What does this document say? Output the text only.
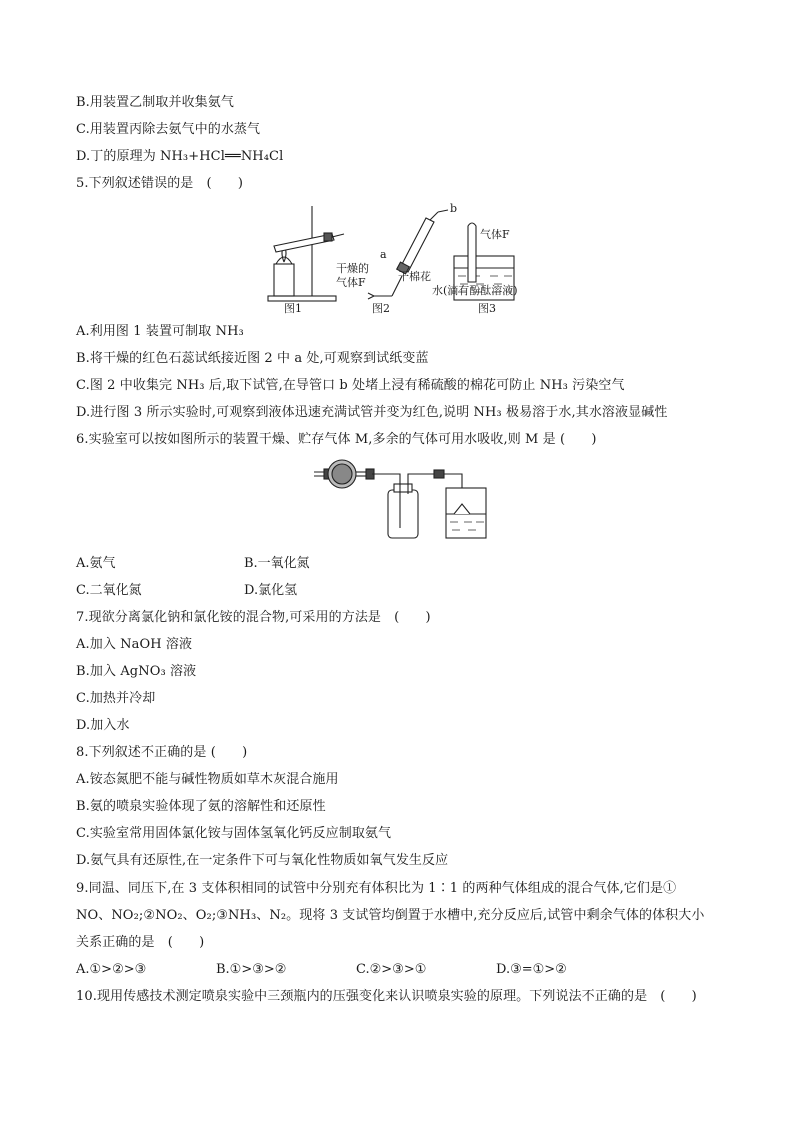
B.用装置乙制取并收集氨气
C.用装置丙除去氨气中的水蒸气
D.丁的原理为 NH₃+HCl══NH₄Cl
5.下列叙述错误的是　(　　)
干燥的
气体F
a
b
干棉花
气体F
水(滴有酚酞溶液)
图1	图2	图3
A.利用图 1 装置可制取 NH₃
B.将干燥的红色石蕊试纸接近图 2 中 a 处,可观察到试纸变蓝
C.图 2 中收集完 NH₃ 后,取下试管,在导管口 b 处堵上浸有稀硫酸的棉花可防止 NH₃ 污染空气
D.进行图 3 所示实验时,可观察到液体迅速充满试管并变为红色,说明 NH₃ 极易溶于水,其水溶液显碱性
6.实验室可以按如图所示的装置干燥、贮存气体 M,多余的气体可用水吸收,则 M 是 (　　)
A.氨气	B.一氧化氮
C.二氧化氮	D.氯化氢
7.现欲分离氯化钠和氯化铵的混合物,可采用的方法是　(　　)
A.加入 NaOH 溶液
B.加入 AgNO₃ 溶液
C.加热并冷却
D.加入水
8.下列叙述不正确的是 (　　)
A.铵态氮肥不能与碱性物质如草木灰混合施用
B.氨的喷泉实验体现了氨的溶解性和还原性
C.实验室常用固体氯化铵与固体氢氧化钙反应制取氨气
D.氨气具有还原性,在一定条件下可与氧化性物质如氧气发生反应
9.同温、同压下,在 3 支体积相同的试管中分别充有体积比为 1∶1 的两种气体组成的混合气体,它们是①
NO、NO₂;②NO₂、O₂;③NH₃、N₂。现将 3 支试管均倒置于水槽中,充分反应后,试管中剩余气体的体积大小
关系正确的是　(　　)
A.①>②>③	B.①>③>②	C.②>③>①	D.③=①>②
10.现用传感技术测定喷泉实验中三颈瓶内的压强变化来认识喷泉实验的原理。下列说法不正确的是　(　　)
